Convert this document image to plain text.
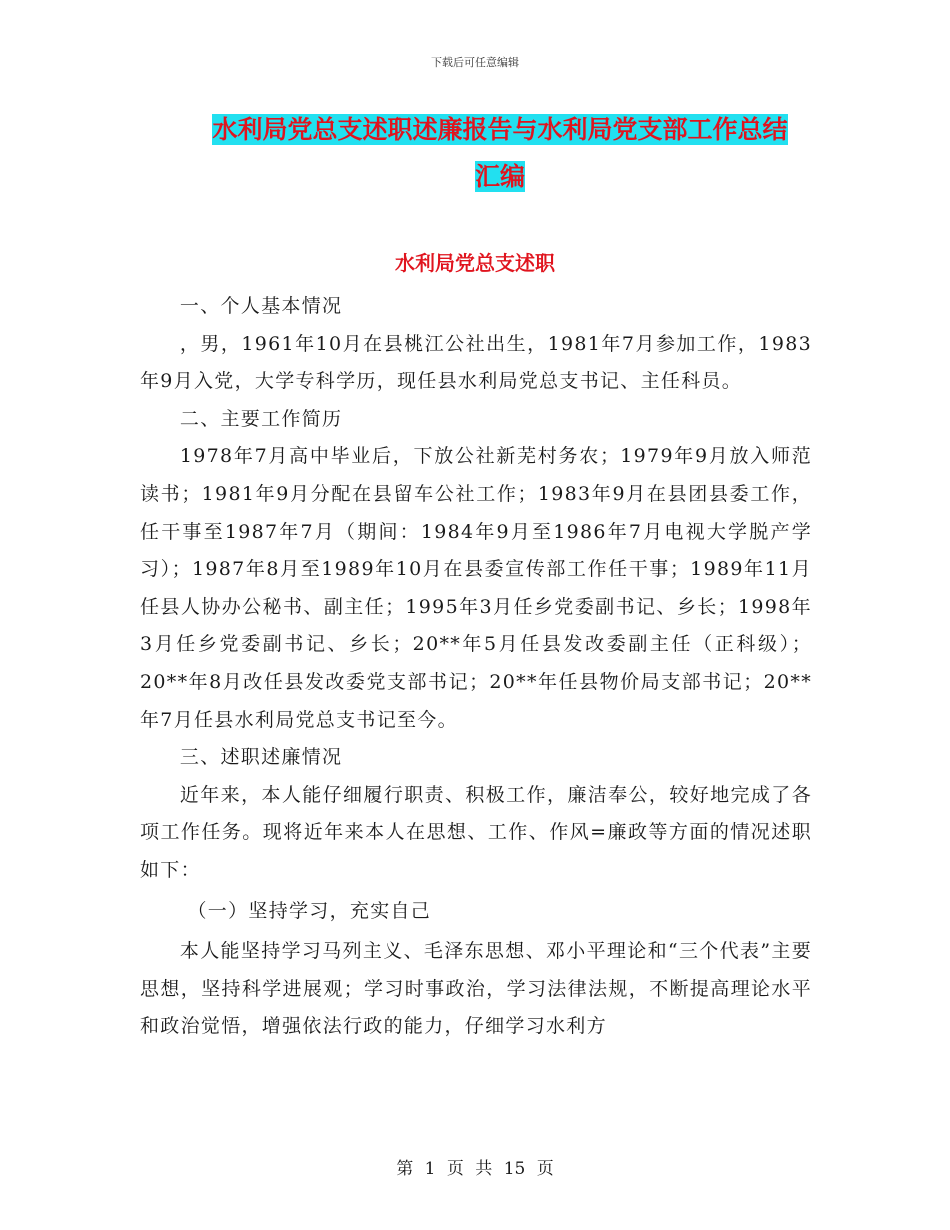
下载后可任意编辑
水利局党总支述职述廉报告与水利局党支部工作总结
汇编
水利局党总支述职

一、个人基本情况

，男，1961年10月在县桃江公社出生，1981年7月参加工作，1983年9月入党，大学专科学历，现任县水利局党总支书记、主任科员。

二、主要工作简历

1978年7月高中毕业后，下放公社新芜村务农；1979年9月放入师范读书；1981年9月分配在县留车公社工作；1983年9月在县团县委工作，任干事至1987年7月（期间：1984年9月至1986年7月电视大学脱产学习）；1987年8月至1989年10月在县委宣传部工作任干事；1989年11月任县人协办公秘书、副主任；1995年3月任乡党委副书记、乡长；1998年3月任乡党委副书记、乡长；20**年5月任县发改委副主任（正科级）；20**年8月改任县发改委党支部书记；20**年任县物价局支部书记；20**年7月任县水利局党总支书记至今。

三、述职述廉情况

近年来，本人能仔细履行职责、积极工作，廉洁奉公，较好地完成了各项工作任务。现将近年来本人在思想、工作、作风=廉政等方面的情况述职如下：

（一）坚持学习，充实自己

本人能坚持学习马列主义、毛泽东思想、邓小平理论和“三个代表”主要思想，坚持科学进展观；学习时事政治，学习法律法规，不断提高理论水平和政治觉悟，增强依法行政的能力，仔细学习水利方

第 1 页 共 15 页
